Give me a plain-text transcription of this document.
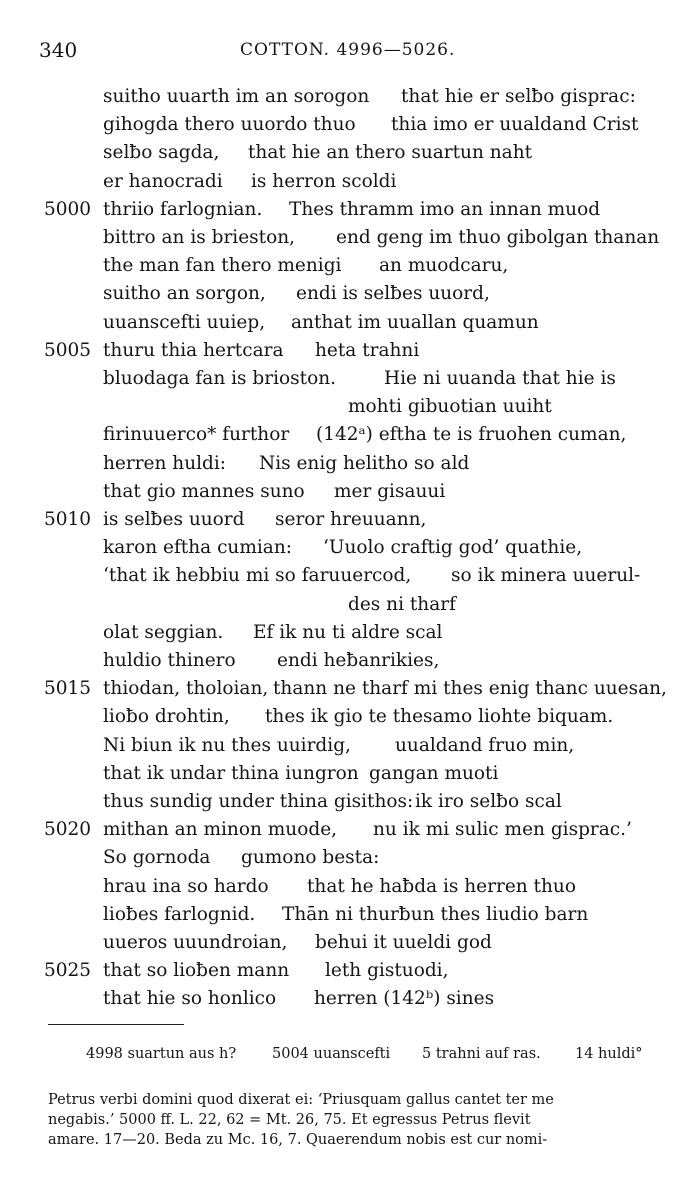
340	COTTON. 4996—5026.
suitho uuarth im an sorogon that hie er selƀo gisprac:
gihogda thero uuordo thuo thia imo er uualdand Crist
selƀo sagda, that hie an thero suartun naht
er hanocradi is herron scoldi
5000 thriio farlognian. Thes thramm imo an innan muod
bittro an is brieston, end geng im thuo gibolgan thanan
the man fan thero menigi an muodcaru,
suitho an sorgon, endi is selƀes uuord,
uuanscefti uuiep, anthat im uuallan quamun
5005 thuru thia hertcara heta trahni
bluodaga fan is brioston.	Hie ni uuanda that hie is
mohti gibuotian uuiht
firinuuerco* furthor (142ᵃ) eftha te is fruohen cuman,
herren huldi: Nis enig helitho so ald
that gio mannes suno mer gisauui
5010 is selƀes uuord seror hreuuann,
karon eftha cumian: ‘Uuolo craftig god’ quathie,
‘that ik hebbiu mi so faruuercod, so ik minera uuerul-
des ni tharf
olat seggian. Ef ik nu ti aldre scal
huldio thinero endi heƀanrikies,
5015 thiodan, tholoian, thann ne tharf mi thes enig thanc uuesan,
lioƀo drohtin, thes ik gio te thesamo liohte biquam.
Ni biun ik nu thes uuirdig, uualdand fruo min,
that ik undar thina iungron gangan muoti
thus sundig under thina gisithos: ik iro selƀo scal
5020 mithan an minon muode, nu ik mi sulic men gisprac.’
So gornoda gumono besta:
hrau ina so hardo that he haƀda is herren thuo
lioƀes farlognid. Thān ni thurƀun thes liudio barn
uueros uuundroian, behui it uueldi god
5025 that so lioƀen mann leth gistuodi,
that hie so honlico herren (142ᵇ) sines
4998 suartun aus h? 5004 uuanscefti 5 trahni auf ras. 14 huldi°
Petrus verbi domini quod dixerat ei: ‘Priusquam gallus cantet ter me
negabis.’ 5000 ff. L. 22, 62 = Mt. 26, 75. Et egressus Petrus flevit
amare. 17—20. Beda zu Mc. 16, 7. Quaerendum nobis est cur nomi-
